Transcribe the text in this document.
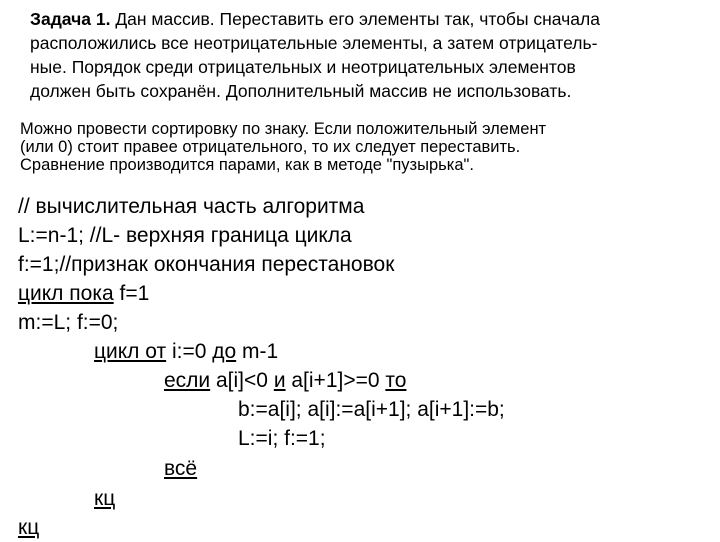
Задача 1. Дан массив. Переставить его элементы так, чтобы сначала
расположились все неотрицательные элементы, а затем отрицатель-
ные. Порядок среди отрицательных и неотрицательных элементов
должен быть сохранён. Дополнительный массив не использовать.
Можно провести сортировку по знаку. Если положительный элемент
(или 0) стоит правее отрицательного, то их следует переставить.
Сравнение производится парами, как в методе "пузырька".
// вычислительная часть алгоритма
L:=n-1; //L- верхняя граница цикла
f:=1;//признак окончания перестановок
цикл пока f=1
m:=L; f:=0;
цикл от i:=0 до m-1
если a[i]<0 и a[i+1]>=0 то
b:=a[i]; a[i]:=a[i+1]; a[i+1]:=b;
L:=i; f:=1;
всё
кц
кц
